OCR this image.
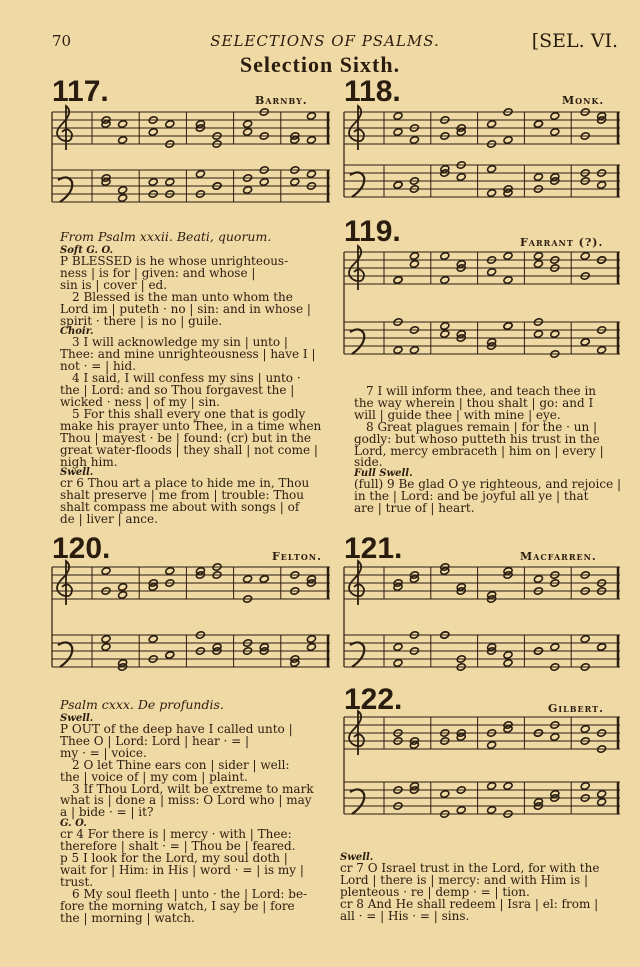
70	SELECTIONS OF PSALMS.	[SEL. VI.
Selection Sixth.
117.	Barnby. 118.	Monk.
119.	Farrant (?).
120.	Felton. 121.	Macfarren.
122.	Gilbert.
From Psalm xxxii. Beati, quorum.
Soft G. O.
P BLESSED is he whose unrighteous-
ness | is for | given: and whose |
sin is | cover | ed.
2 Blessed is the man unto whom the
Lord im | puteth · no | sin: and in whose |
spirit · there | is no | guile.
Choir.
3 I will acknowledge my sin | unto |
Thee: and mine unrighteousness | have I |
not · = | hid.
4 I said, I will confess my sins | unto ·
the | Lord: and so Thou forgavest the |
wicked · ness | of my | sin.
5 For this shall every one that is godly
make his prayer unto Thee, in a time when
Thou | mayest · be | found: (cr) but in the
great water-floods | they shall | not come |
nigh him.
Swell.
cr 6 Thou art a place to hide me in, Thou
shalt preserve | me from | trouble: Thou
shalt compass me about with songs | of
de | liver | ance.
7 I will inform thee, and teach thee in
the way wherein | thou shalt | go: and I
will | guide thee | with mine | eye.
8 Great plagues remain | for the · un |
godly: but whoso putteth his trust in the
Lord, mercy embraceth | him on | every |
side.
Full Swell.
(full) 9 Be glad O ye righteous, and rejoice |
in the | Lord: and be joyful all ye | that
are | true of | heart.
Psalm cxxx. De profundis.
Swell.
P OUT of the deep have I called unto |
Thee O | Lord: Lord | hear · = |
my · = | voice.
2 O let Thine ears con | sider | well:
the | voice of | my com | plaint.
3 If Thou Lord, wilt be extreme to mark
what is | done a | miss: O Lord who | may
a | bide · = | it?
G. O.
cr 4 For there is | mercy · with | Thee:
therefore | shalt · = | Thou be | feared.
p 5 I look for the Lord, my soul doth |
wait for | Him: in His | word · = | is my |
trust.
6 My soul fleeth | unto · the | Lord: be-
fore the morning watch, I say be | fore
the | morning | watch.
Swell.
cr 7 O Israel trust in the Lord, for with the
Lord | there is | mercy: and with Him is |
plenteous · re | demp · = | tion.
cr 8 And He shall redeem | Isra | el: from |
all · = | His · = | sins.
